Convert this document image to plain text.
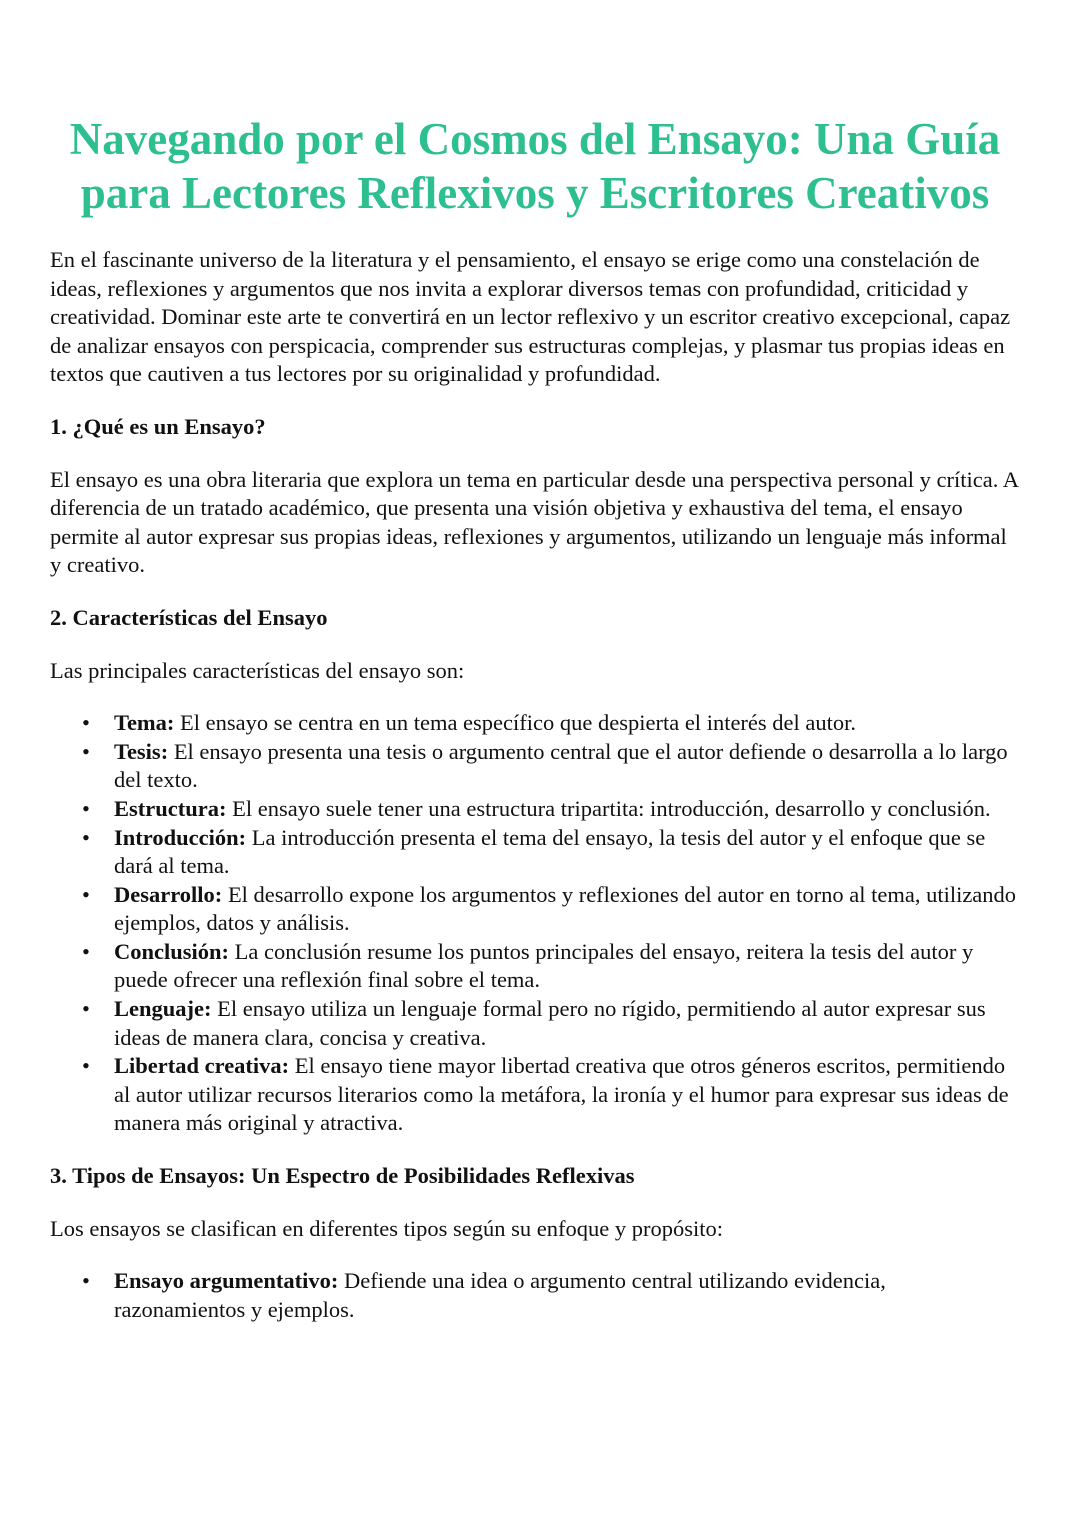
Navegando por el Cosmos del Ensayo: Una Guía para Lectores Reflexivos y Escritores Creativos

En el fascinante universo de la literatura y el pensamiento, el ensayo se erige como una constelación de ideas, reflexiones y argumentos que nos invita a explorar diversos temas con profundidad, criticidad y creatividad. Dominar este arte te convertirá en un lector reflexivo y un escritor creativo excepcional, capaz de analizar ensayos con perspicacia, comprender sus estructuras complejas, y plasmar tus propias ideas en textos que cautiven a tus lectores por su originalidad y profundidad.

1. ¿Qué es un Ensayo?

El ensayo es una obra literaria que explora un tema en particular desde una perspectiva personal y crítica. A diferencia de un tratado académico, que presenta una visión objetiva y exhaustiva del tema, el ensayo permite al autor expresar sus propias ideas, reflexiones y argumentos, utilizando un lenguaje más informal y creativo.

2. Características del Ensayo

Las principales características del ensayo son:

• Tema: El ensayo se centra en un tema específico que despierta el interés del autor.
• Tesis: El ensayo presenta una tesis o argumento central que el autor defiende o desarrolla a lo largo del texto.
• Estructura: El ensayo suele tener una estructura tripartita: introducción, desarrollo y conclusión.
• Introducción: La introducción presenta el tema del ensayo, la tesis del autor y el enfoque que se dará al tema.
• Desarrollo: El desarrollo expone los argumentos y reflexiones del autor en torno al tema, utilizando ejemplos, datos y análisis.
• Conclusión: La conclusión resume los puntos principales del ensayo, reitera la tesis del autor y puede ofrecer una reflexión final sobre el tema.
• Lenguaje: El ensayo utiliza un lenguaje formal pero no rígido, permitiendo al autor expresar sus ideas de manera clara, concisa y creativa.
• Libertad creativa: El ensayo tiene mayor libertad creativa que otros géneros escritos, permitiendo al autor utilizar recursos literarios como la metáfora, la ironía y el humor para expresar sus ideas de manera más original y atractiva.
3. Tipos de Ensayos: Un Espectro de Posibilidades Reflexivas

Los ensayos se clasifican en diferentes tipos según su enfoque y propósito:

• Ensayo argumentativo: Defiende una idea o argumento central utilizando evidencia, razonamientos y ejemplos.
